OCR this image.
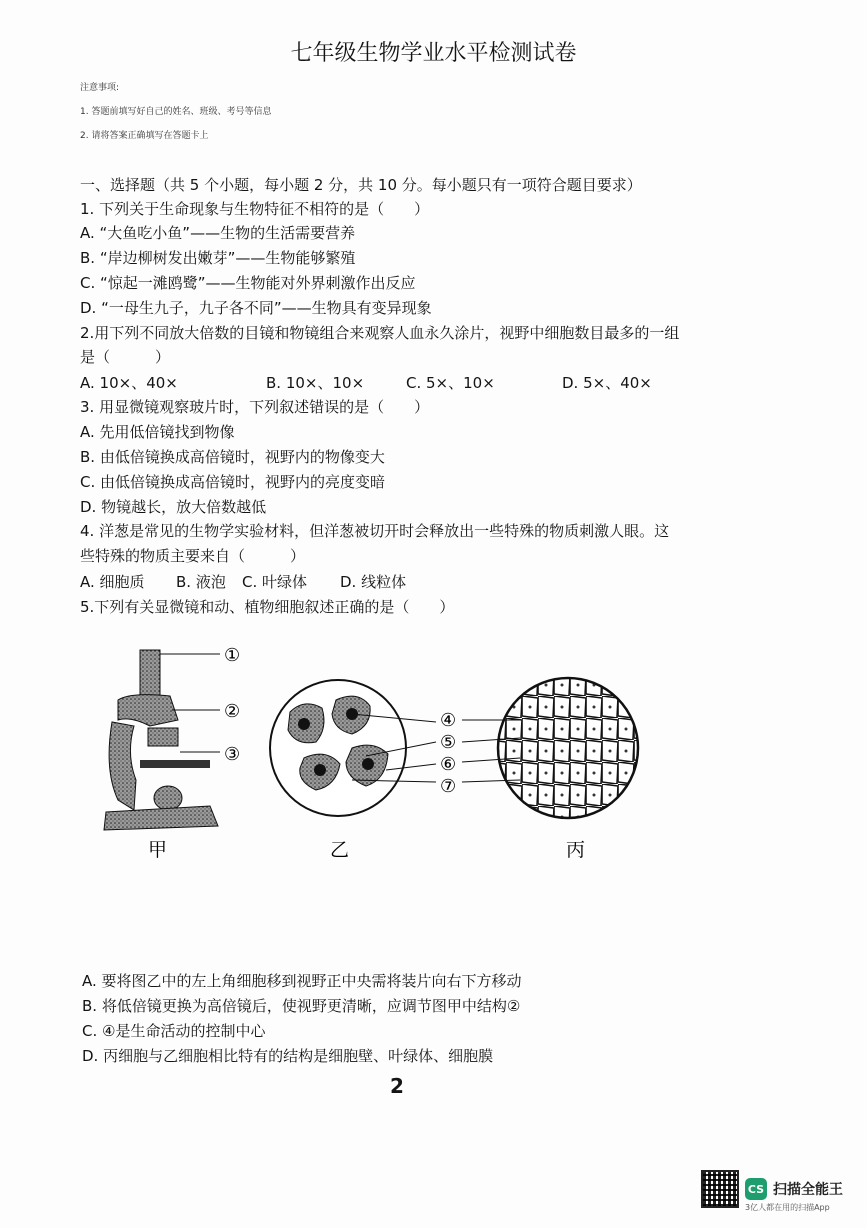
七年级生物学业水平检测试卷
注意事项:
1. 答题前填写好自己的姓名、班级、考号等信息
2. 请将答案正确填写在答题卡上
一、选择题（共 5 个小题，每小题 2 分，共 10 分。每小题只有一项符合题目要求）
1. 下列关于生命现象与生物特征不相符的是（　　）
A. “大鱼吃小鱼”——生物的生活需要营养
B. “岸边柳树发出嫩芽”——生物能够繁殖
C. “惊起一滩鸥鹭”——生物能对外界刺激作出反应
D. “一母生九子，九子各不同”——生物具有变异现象
2.用下列不同放大倍数的目镜和物镜组合来观察人血永久涂片，视野中细胞数目最多的一组
是（　　　）
A. 10×、40×	B. 10×、10×	C. 5×、10×	D. 5×、40×
3. 用显微镜观察玻片时，下列叙述错误的是（　　）
A. 先用低倍镜找到物像
B. 由低倍镜换成高倍镜时，视野内的物像变大
C. 由低倍镜换成高倍镜时，视野内的亮度变暗
D. 物镜越长，放大倍数越低
4. 洋葱是常见的生物学实验材料，但洋葱被切开时会释放出一些特殊的物质刺激人眼。这
些特殊的物质主要来自（　　　）
A. 细胞质 B. 液泡 C. 叶绿体 D. 线粒体
5.下列有关显微镜和动、植物细胞叙述正确的是（　　）
①
②
③
④
⑤
⑥
⑦
甲	乙	丙
A. 要将图乙中的左上角细胞移到视野正中央需将装片向右下方移动
B. 将低倍镜更换为高倍镜后，使视野更清晰，应调节图甲中结构②
C. ④是生命活动的控制中心
D. 丙细胞与乙细胞相比特有的结构是细胞壁、叶绿体、细胞膜
2
CS 扫描全能王
3亿人都在用的扫描App
